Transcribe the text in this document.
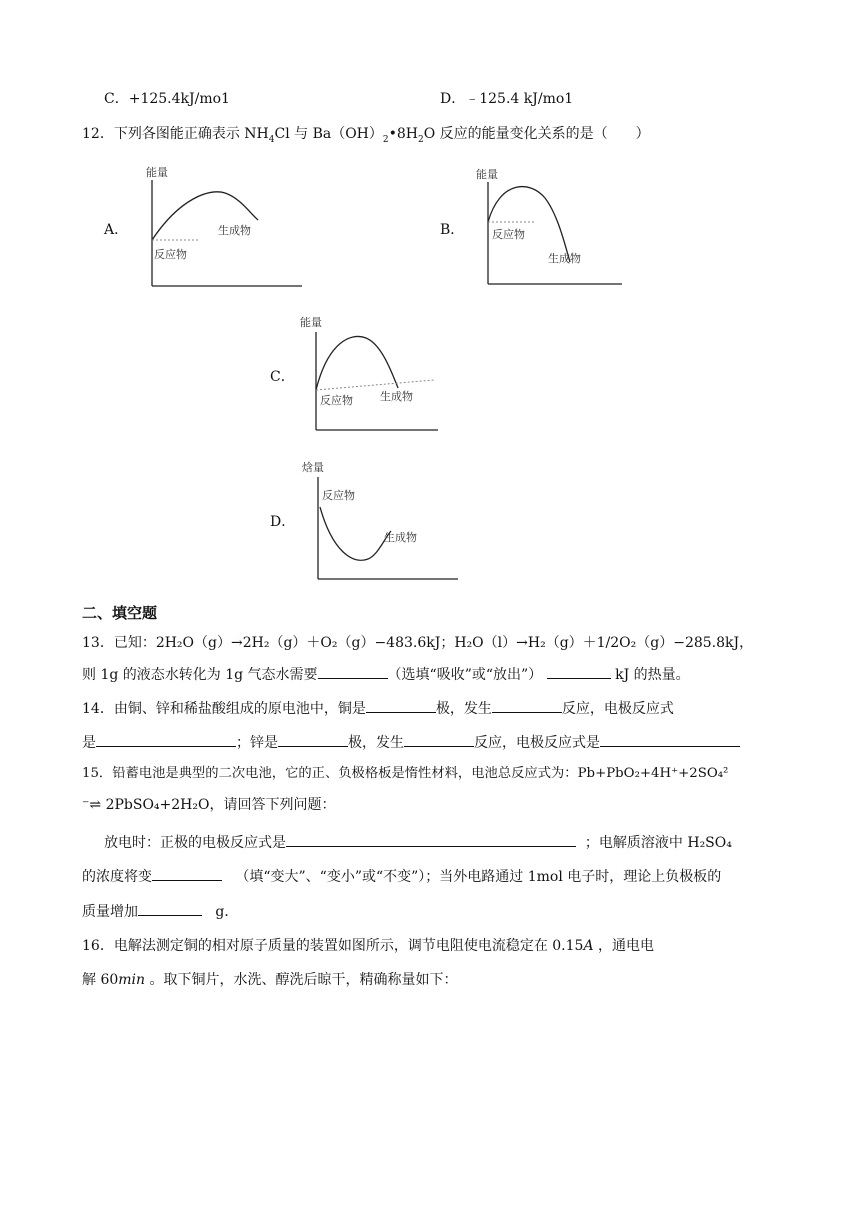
C．+125.4kJ/mo1	D．﹣125.4 kJ/mo1
12．下列各图能正确表示 $NH_4Cl$ 与 $Ba(OH)_2•8H_2O$ 反应的能量变化关系的是（　　）
A．
能量
生成物
反应物
B．
能量
反应物
生成物
C．
能量
反应物 生成物
D．
焓量
反应物
生成物
二、填空题
13．已知：2H₂O（g）→2H₂（g）＋O₂（g）−483.6kJ；H₂O（l）→H₂（g）＋1/2O₂（g）−285.8kJ，
则 1g 的液态水转化为 1g 气态水需要	（选填“吸收”或“放出”）	kJ 的热量。
14．由铜、锌和稀盐酸组成的原电池中，铜是	极，发生	反应，电极反应式
是	；锌是	极，发生	反应，电极反应式是
15．铅蓄电池是典型的二次电池，它的正、负极格板是惰性材料，电池总反应式为：Pb+PbO₂+4H⁺+2SO₄²
⁻⇌ 2PbSO₄+2H₂O，请回答下列问题：
放电时：正极的电极反应式是	；电解质溶液中 H₂SO₄
的浓度将变	（填“变大”、“变小”或“不变”）；当外电路通过 1mol 电子时，理论上负极板的
质量增加	g．
16．电解法测定铜的相对原子质量的装置如图所示，调节电阻使电流稳定在 0.15A ，通电电
解 60min 。取下铜片，水洗、醇洗后晾干，精确称量如下：
